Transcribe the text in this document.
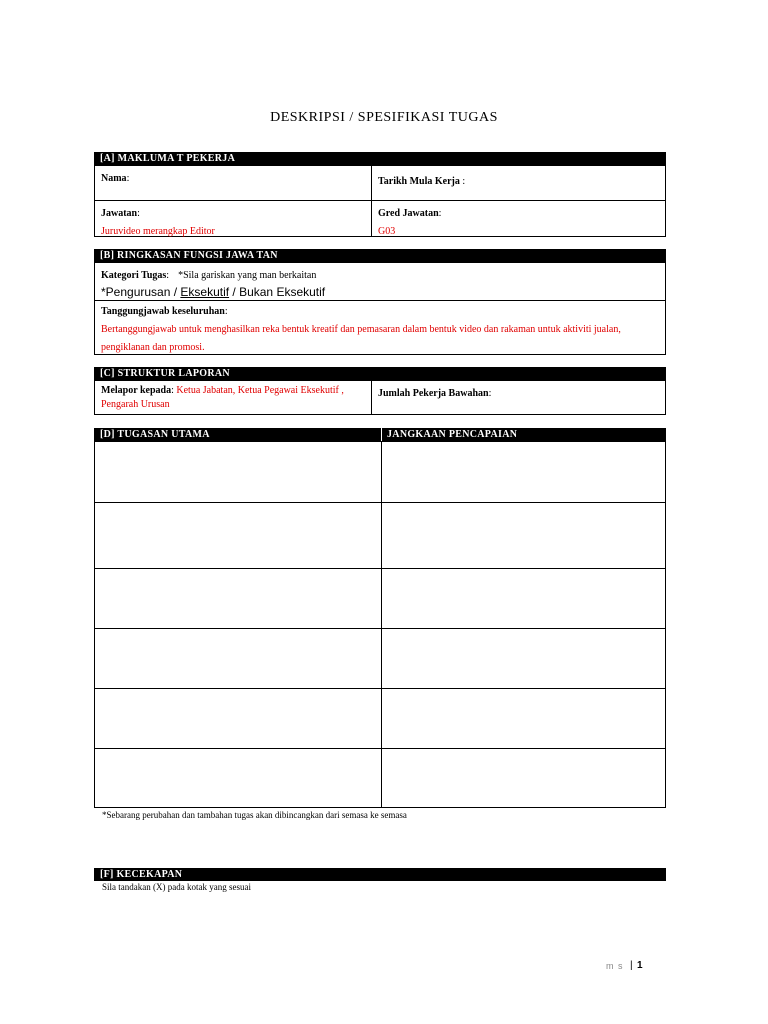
DESKRIPSI / SPESIFIKASI TUGAS
[A] MAKLUMA T PEKERJA
Nama:	Tarikh Mula Kerja :
Jawatan:
Juruvideo merangkap Editor
Gred Jawatan:
G03
[B] RINGKASAN FUNGSI JAWA TAN
Kategori Tugas:   *Sila gariskan yang man berkaitan
*Pengurusan / Eksekutif / Bukan Eksekutif
Tanggungjawab keseluruhan:
Bertanggungjawab untuk menghasilkan reka bentuk kreatif dan pemasaran dalam bentuk video dan rakaman untuk aktiviti jualan, pengiklanan dan promosi.
[C] STRUKTUR LAPORAN
Melapor kepada: Ketua Jabatan, Ketua Pegawai Eksekutif , Pengarah Urusan
Jumlah Pekerja Bawahan:
[D] TUGASAN UTAMA	JANGKAAN PENCAPAIAN
*Sebarang perubahan dan tambahan tugas akan dibincangkan dari semasa ke semasa
[F] KECEKAPAN
Sila tandakan (X) pada kotak yang sesuai
m s | 1
